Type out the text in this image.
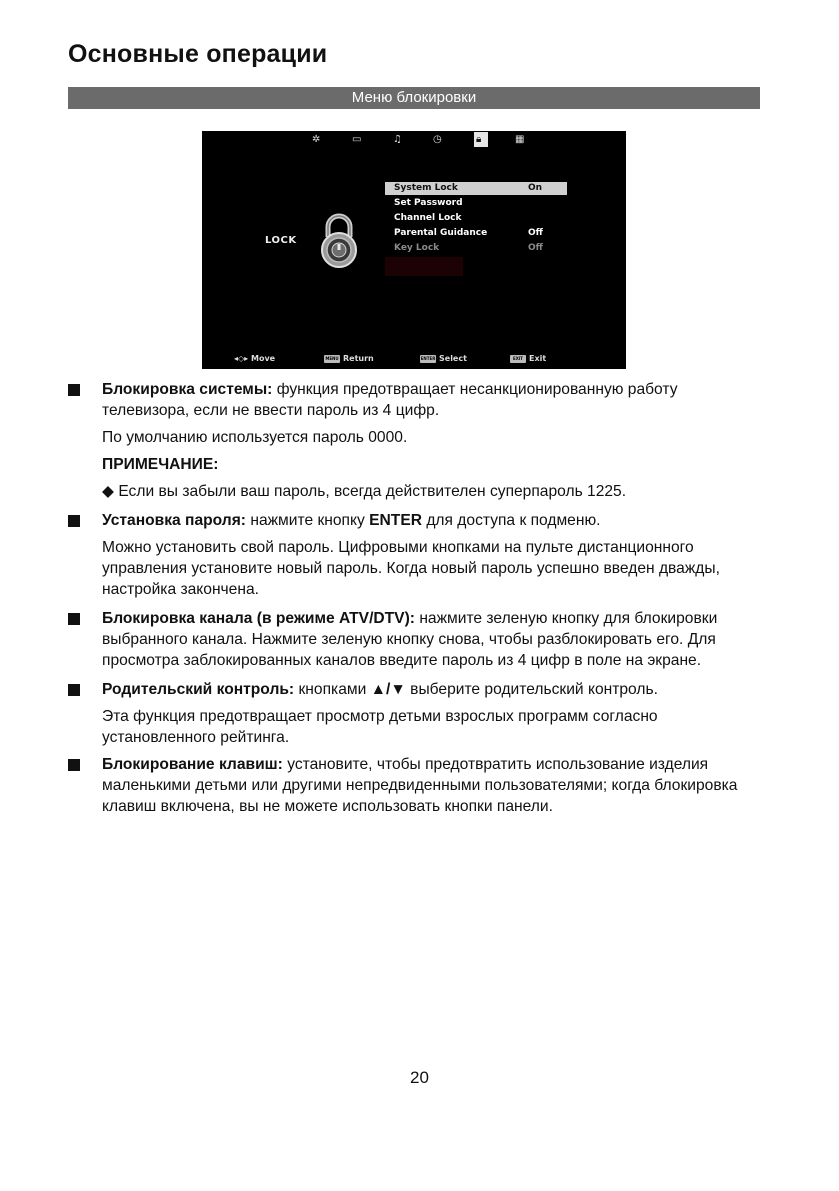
Основные операции
Меню блокировки
✲	▭	♫	◷	🔒︎	▦
LOCK
System Lock	On
Set Password
Channel Lock
Parental Guidance	Off
Key Lock	Off
◂◇▸ Move	MENU Return	ENTER Select	EXIT Exit

Блокировка системы: функция предотвращает несанкционированную работу телевизора, если не ввести пароль из 4 цифр.

По умолчанию используется пароль 0000.

ПРИМЕЧАНИЕ:

◆ Если вы забыли ваш пароль, всегда действителен суперпароль 1225.

Установка пароля: нажмите кнопку ENTER для доступа к подменю.

Можно установить свой пароль. Цифровыми кнопками на пульте дистанционного управления установите новый пароль. Когда новый пароль успешно введен дважды, настройка закончена.

Блокировка канала (в режиме ATV/DTV): нажмите зеленую кнопку для блокировки выбранного канала. Нажмите зеленую кнопку снова, чтобы разблокировать его. Для просмотра заблокированных каналов введите пароль из 4 цифр в поле на экране.

Родительский контроль: кнопками ▲/▼ выберите родительский контроль.

Эта функция предотвращает просмотр детьми взрослых программ согласно установленного рейтинга.

Блокирование клавиш: установите, чтобы предотвратить использование изделия маленькими детьми или другими непредвиденными пользователями; когда блокировка клавиш включена, вы не можете использовать кнопки панели.

20
